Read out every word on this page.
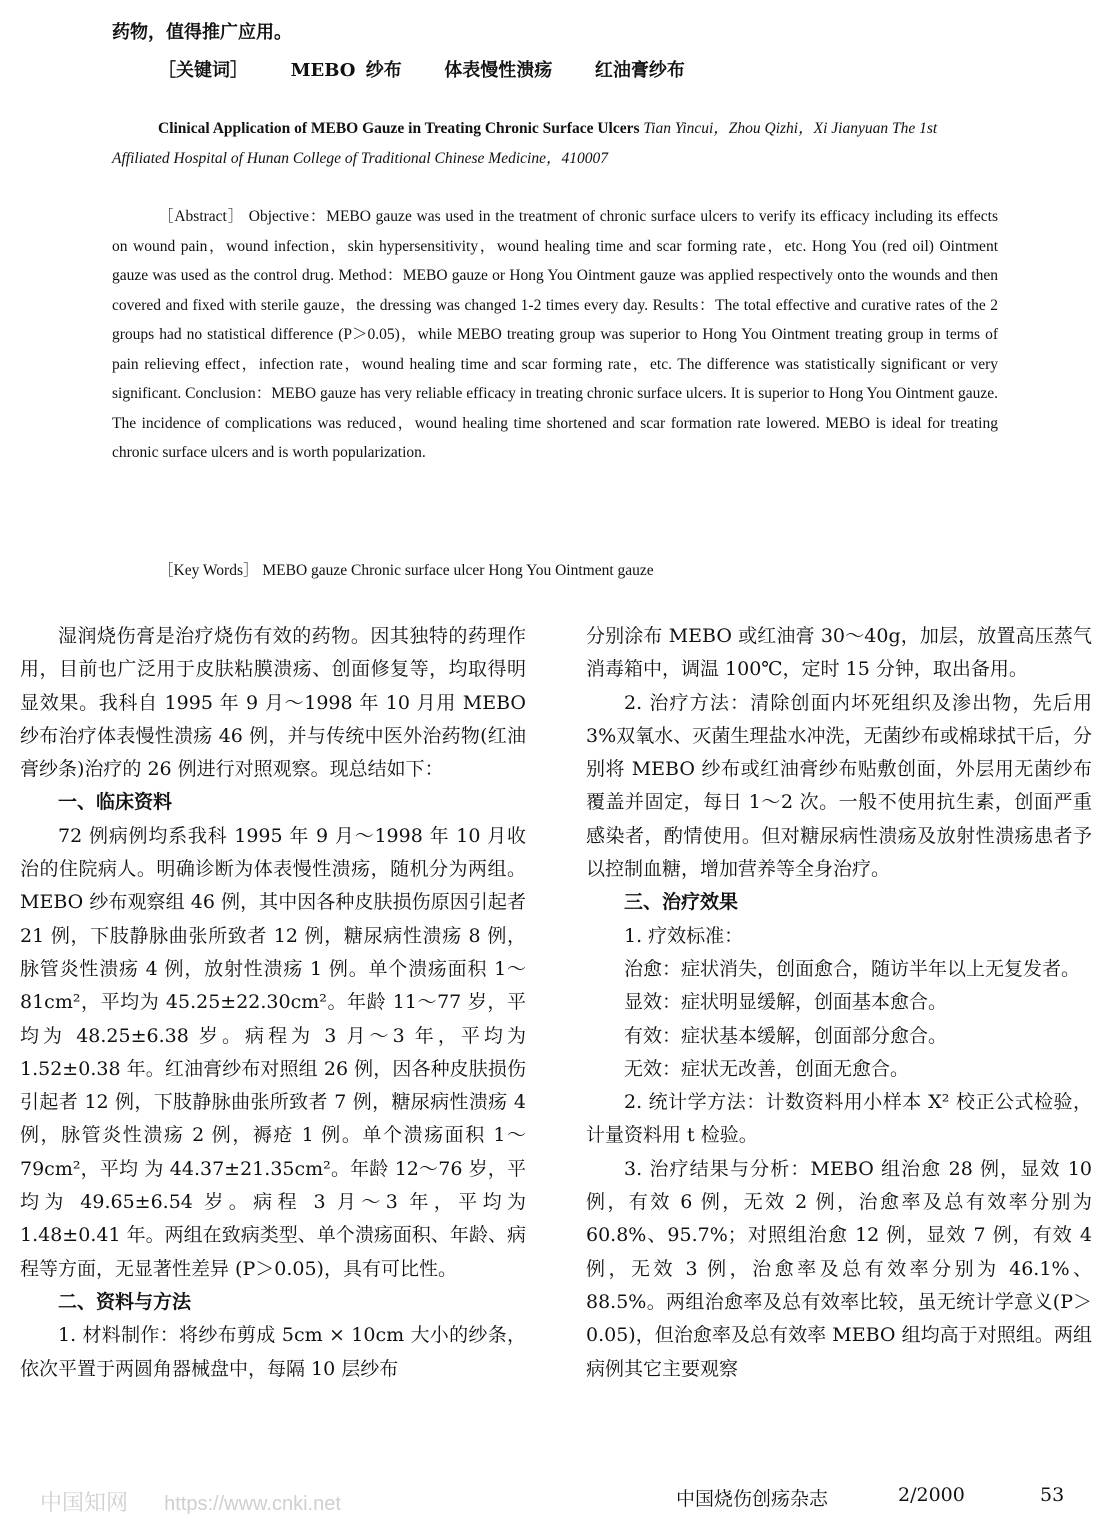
药物，值得推广应用。
［关键词］ MEBO 纱布 体表慢性溃疡 红油膏纱布
Clinical Application of MEBO Gauze in Treating Chronic Surface Ulcers Tian Yincui，Zhou Qizhi，Xi Jianyuan The 1st Affiliated Hospital of Hunan College of Traditional Chinese Medicine，410007
［Abstract］ Objective：MEBO gauze was used in the treatment of chronic surface ulcers to verify its efficacy including its effects on wound pain，wound infection，skin hypersensitivity，wound healing time and scar forming rate，etc. Hong You (red oil) Ointment gauze was used as the control drug. Method：MEBO gauze or Hong You Ointment gauze was applied respectively onto the wounds and then covered and fixed with sterile gauze，the dressing was changed 1-2 times every day. Results：The total effective and curative rates of the 2 groups had no statistical difference (P＞0.05)，while MEBO treating group was superior to Hong You Ointment treating group in terms of pain relieving effect，infection rate，wound healing time and scar forming rate，etc. The difference was statistically significant or very significant. Conclusion：MEBO gauze has very reliable efficacy in treating chronic surface ulcers. It is superior to Hong You Ointment gauze. The incidence of complications was reduced，wound healing time shortened and scar formation rate lowered. MEBO is ideal for treating chronic surface ulcers and is worth popularization.
［Key Words］ MEBO gauze Chronic surface ulcer Hong You Ointment gauze

湿润烧伤膏是治疗烧伤有效的药物。因其独特的药理作用，目前也广泛用于皮肤粘膜溃疡、创面修复等，均取得明显效果。我科自 1995 年 9 月～1998 年 10 月用 MEBO 纱布治疗体表慢性溃疡 46 例，并与传统中医外治药物(红油膏纱条)治疗的 26 例进行对照观察。现总结如下：

一、临床资料

72 例病例均系我科 1995 年 9 月～1998 年 10 月收治的住院病人。明确诊断为体表慢性溃疡，随机分为两组。MEBO 纱布观察组 46 例，其中因各种皮肤损伤原因引起者 21 例，下肢静脉曲张所致者 12 例，糖尿病性溃疡 8 例，脉管炎性溃疡 4 例，放射性溃疡 1 例。单个溃疡面积 1～81cm²，平均为 45.25±22.30cm²。年龄 11～77 岁，平均为 48.25±6.38 岁。病程为 3 月～3 年，平均为 1.52±0.38 年。红油膏纱布对照组 26 例，因各种皮肤损伤引起者 12 例，下肢静脉曲张所致者 7 例，糖尿病性溃疡 4 例，脉管炎性溃疡 2 例，褥疮 1 例。单个溃疡面积 1～79cm²，平均 为 44.37±21.35cm²。年龄 12～76 岁，平均为 49.65±6.54 岁。病程 3 月～3 年，平均为 1.48±0.41 年。两组在致病类型、单个溃疡面积、年龄、病程等方面，无显著性差异 (P＞0.05)，具有可比性。

二、资料与方法

1. 材料制作：将纱布剪成 5cm × 10cm 大小的纱条，依次平置于两圆角器械盘中，每隔 10 层纱布

分别涂布 MEBO 或红油膏 30～40g，加层，放置高压蒸气消毒箱中，调温 100℃，定时 15 分钟，取出备用。

2. 治疗方法：清除创面内坏死组织及渗出物，先后用 3%双氧水、灭菌生理盐水冲洗，无菌纱布或棉球拭干后，分别将 MEBO 纱布或红油膏纱布贴敷创面，外层用无菌纱布覆盖并固定，每日 1～2 次。一般不使用抗生素，创面严重感染者，酌情使用。但对糖尿病性溃疡及放射性溃疡患者予以控制血糖，增加营养等全身治疗。

三、治疗效果

1. 疗效标准：

治愈：症状消失，创面愈合，随访半年以上无复发者。

显效：症状明显缓解，创面基本愈合。

有效：症状基本缓解，创面部分愈合。

无效：症状无改善，创面无愈合。

2. 统计学方法：计数资料用小样本 X² 校正公式检验，计量资料用 t 检验。

3. 治疗结果与分析：MEBO 组治愈 28 例，显效 10 例，有效 6 例，无效 2 例，治愈率及总有效率分别为 60.8%、95.7%；对照组治愈 12 例，显效 7 例，有效 4 例，无效 3 例，治愈率及总有效率分别为 46.1%、88.5%。两组治愈率及总有效率比较，虽无统计学意义(P＞0.05)，但治愈率及总有效率 MEBO 组均高于对照组。两组病例其它主要观察

中国知网 https://www.cnki.net	中国烧伤创疡杂志	2/2000	53
